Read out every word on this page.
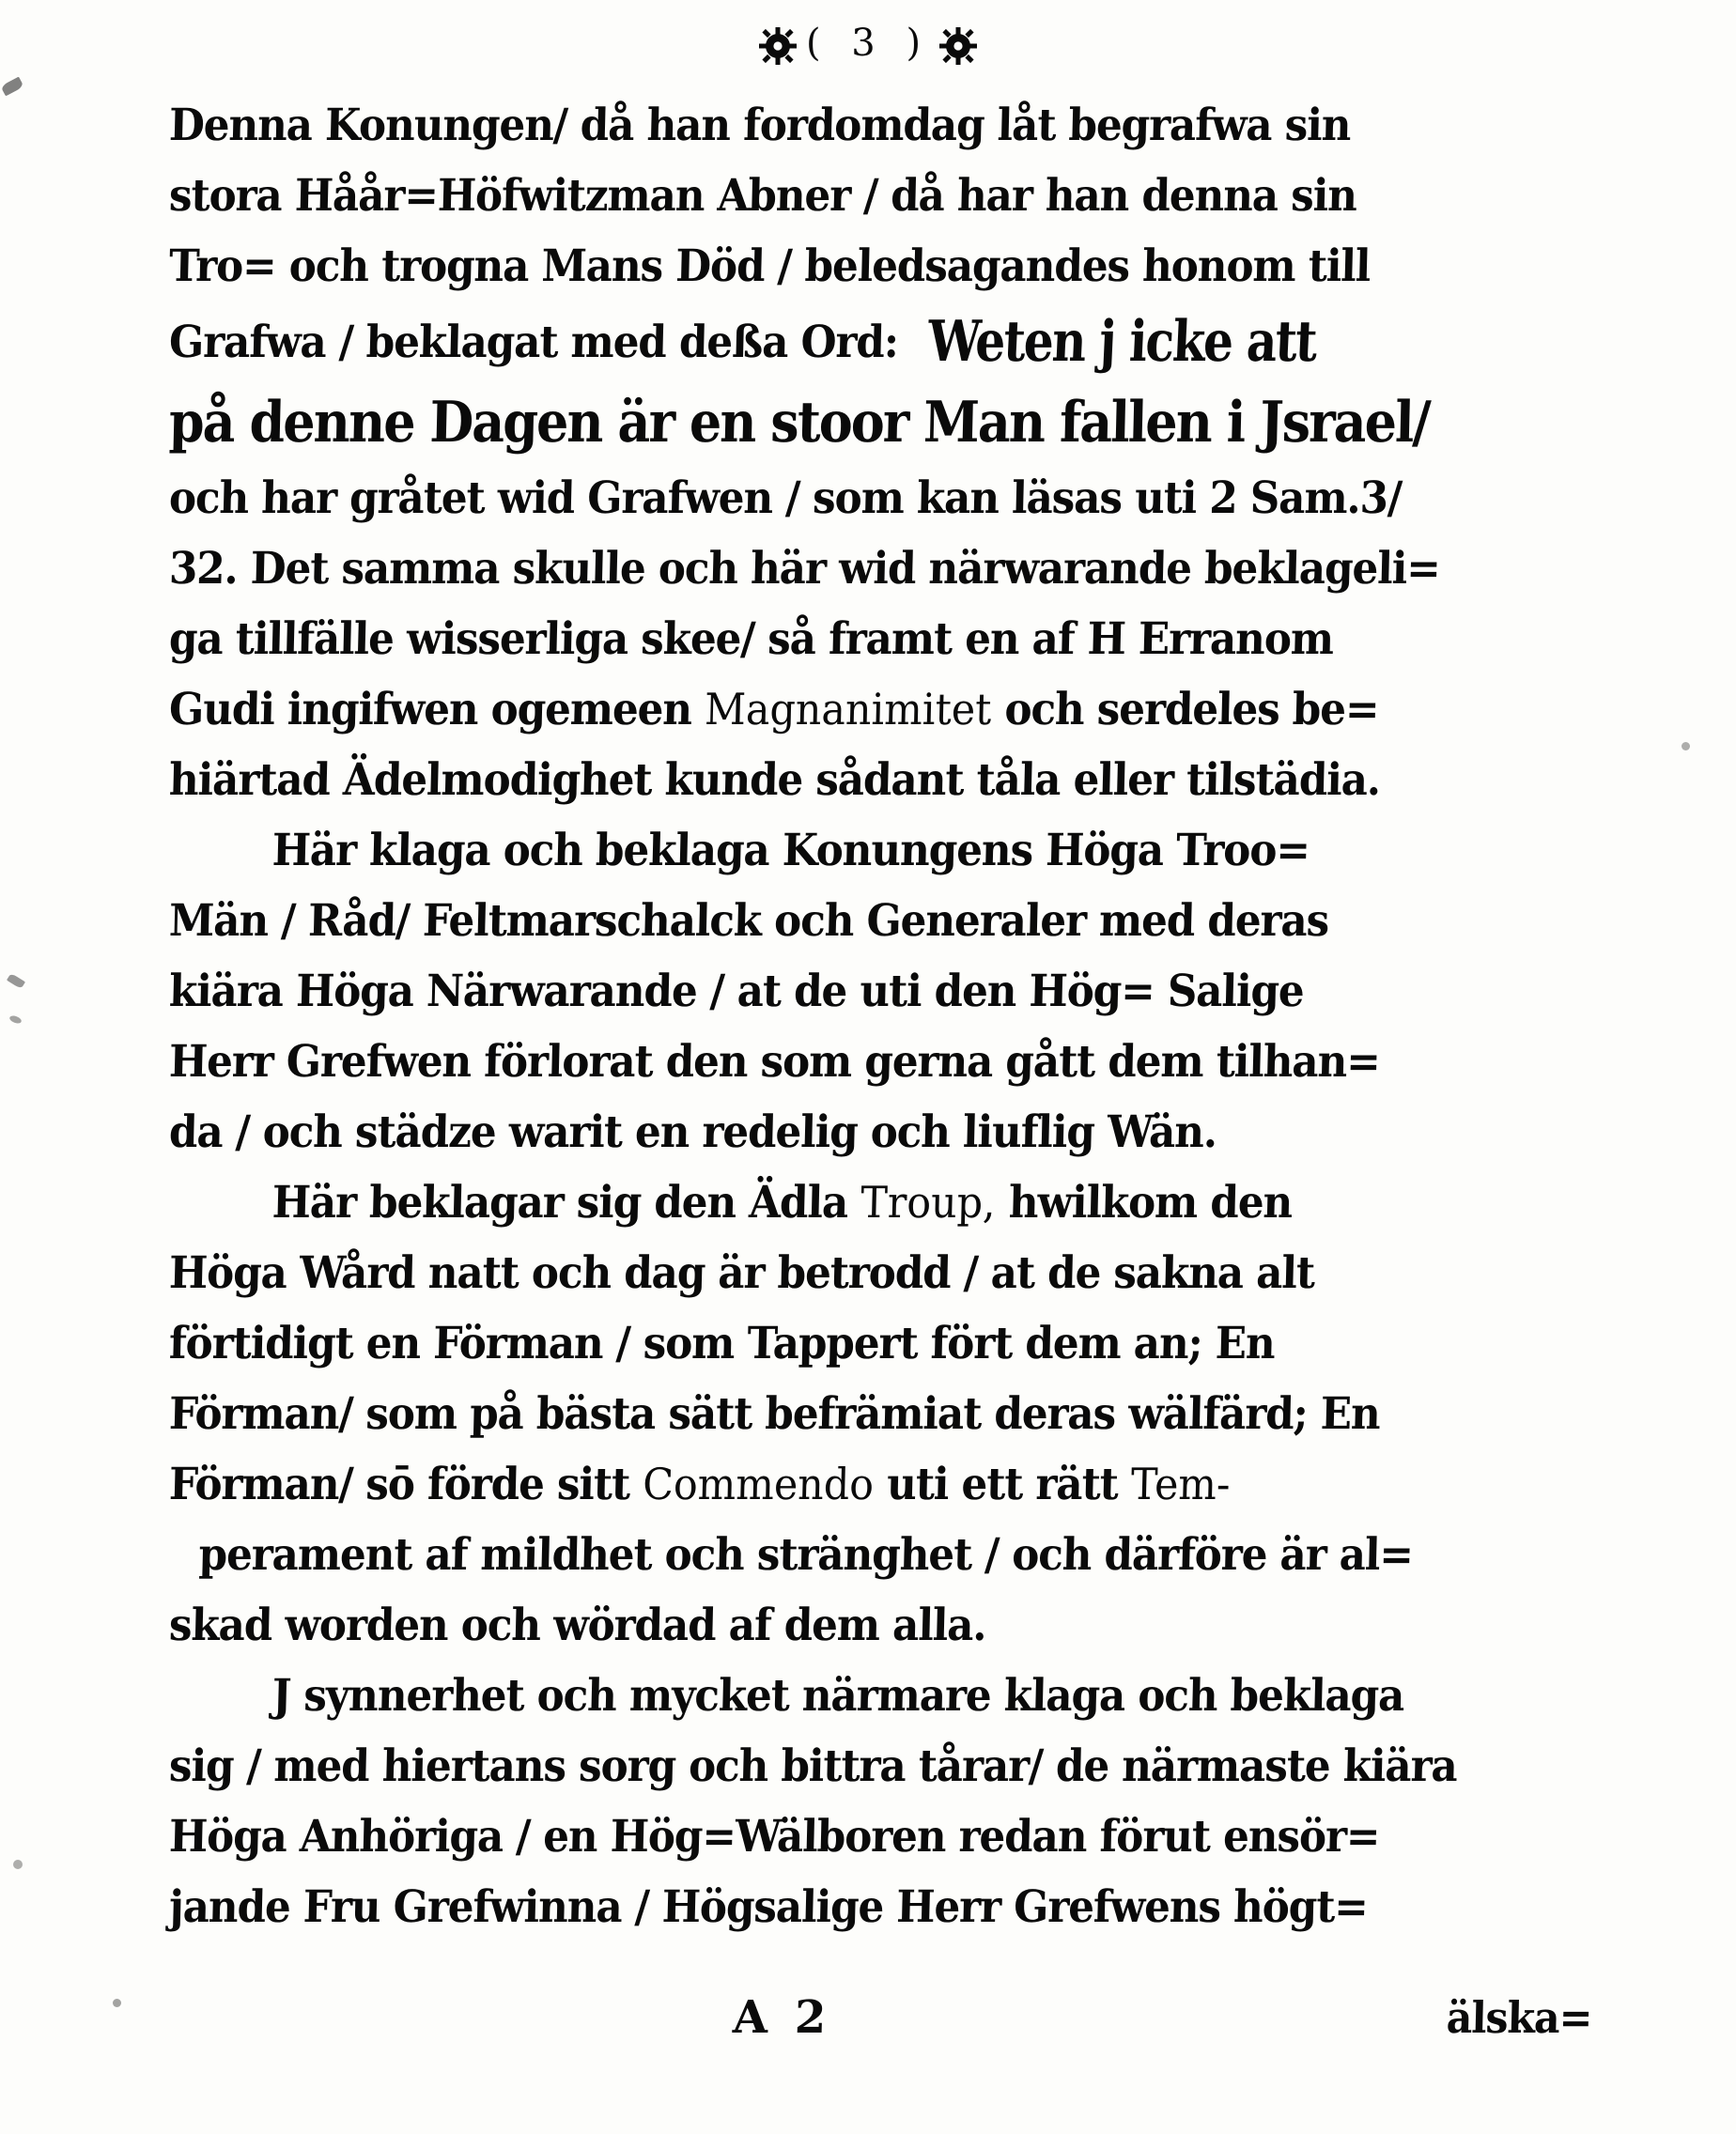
( 3 )
Denna Konungen/ då han fordomdag låt begrafwa sin
stora Håår=Höfwitzman Abner / då har han denna sin
Tro= och trogna Mans Död / beledsagandes honom till
Grafwa / beklagat med deßa Ord: Weten j icke att
på denne Dagen är en stoor Man fallen i Jsrael/
och har gråtet wid Grafwen / som kan läsas uti 2 Sam.3/
32. Det samma skulle och här wid närwarande beklageli=
ga tillfälle wisserliga skee/ så framt en af H Erranom
Gudi ingifwen ogemeen Magnanimitet och serdeles be=
hiärtad Ädelmodighet kunde sådant tåla eller tilstädia.
Här klaga och beklaga Konungens Höga Troo=
Män / Råd/ Feltmarschalck och Generaler med deras
kiära Höga Närwarande / at de uti den Hög= Salige
Herr Grefwen förlorat den som gerna gått dem tilhan=
da / och städze warit en redelig och liuflig Wän.
Här beklagar sig den Ädla Troup, hwilkom den
Höga Wård natt och dag är betrodd / at de sakna alt
förtidigt en Förman / som Tappert fört dem an; En
Förman/ som på bästa sätt befrämiat deras wälfärd; En
Förman/ sō förde sitt Commendo uti ett rätt Tem-
perament af mildhet och stränghet / och därföre är al=
skad worden och wördad af dem alla.
J synnerhet och mycket närmare klaga och beklaga
sig / med hiertans sorg och bittra tårar/ de närmaste kiära
Höga Anhöriga / en Hög=Wälboren redan förut ensör=
jande Fru Grefwinna / Högsalige Herr Grefwens högt=
A 2	älska=
